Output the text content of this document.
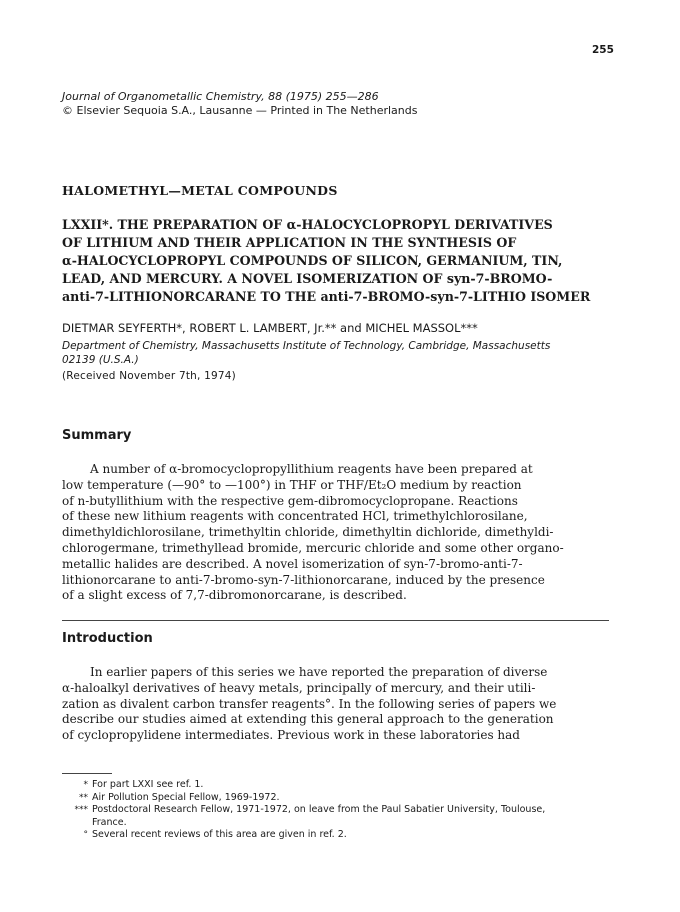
255
Journal of Organometallic Chemistry, 88 (1975) 255—286
© Elsevier Sequoia S.A., Lausanne — Printed in The Netherlands
HALOMETHYL—METAL COMPOUNDS
LXXII*. THE PREPARATION OF α-HALOCYCLOPROPYL DERIVATIVES
OF LITHIUM AND THEIR APPLICATION IN THE SYNTHESIS OF
α-HALOCYCLOPROPYL COMPOUNDS OF SILICON, GERMANIUM, TIN,
LEAD, AND MERCURY. A NOVEL ISOMERIZATION OF syn-7-BROMO-
anti-7-LITHIONORCARANE TO THE anti-7-BROMO-syn-7-LITHIO ISOMER
DIETMAR SEYFERTH*, ROBERT L. LAMBERT, Jr.** and MICHEL MASSOL***
Department of Chemistry, Massachusetts Institute of Technology, Cambridge, Massachusetts
02139 (U.S.A.)
(Received November 7th, 1974)
Summary
A number of α-bromocyclopropyllithium reagents have been prepared at
low temperature (—90° to —100°) in THF or THF/Et₂O medium by reaction
of n-butyllithium with the respective gem-dibromocyclopropane. Reactions
of these new lithium reagents with concentrated HCl, trimethylchlorosilane,
dimethyldichlorosilane, trimethyltin chloride, dimethyltin dichloride, dimethyldi-
chlorogermane, trimethyllead bromide, mercuric chloride and some other organo-
metallic halides are described. A novel isomerization of syn-7-bromo-anti-7-
lithionorcarane to anti-7-bromo-syn-7-lithionorcarane, induced by the presence
of a slight excess of 7,7-dibromonorcarane, is described.
Introduction
In earlier papers of this series we have reported the preparation of diverse
α-haloalkyl derivatives of heavy metals, principally of mercury, and their utili-
zation as divalent carbon transfer reagents°. In the following series of papers we
describe our studies aimed at extending this general approach to the generation
of cyclopropylidene intermediates. Previous work in these laboratories had
* For part LXXI see ref. 1.
** Air Pollution Special Fellow, 1969-1972.
*** Postdoctoral Research Fellow, 1971-1972, on leave from the Paul Sabatier University, Toulouse,
France.
° Several recent reviews of this area are given in ref. 2.
